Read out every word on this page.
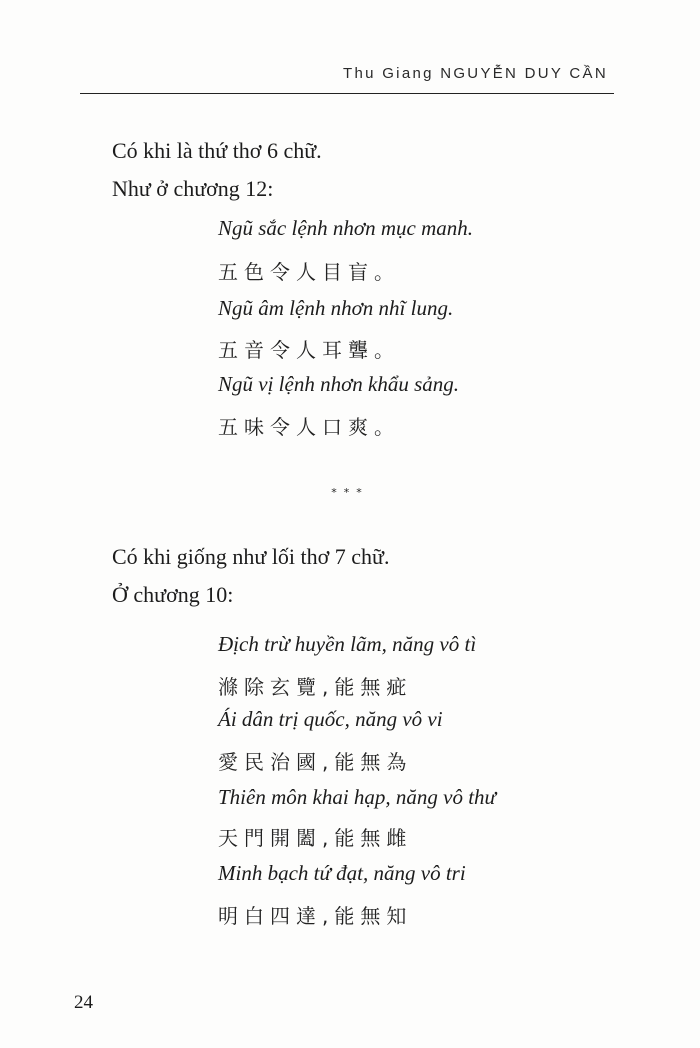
Thu Giang NGUYỄN DUY CẦN
Có khi là thứ thơ 6 chữ.
Như ở chương 12:
Ngũ sắc lệnh nhơn mục manh.
五色令人目盲。
Ngũ âm lệnh nhơn nhĩ lung.
五音令人耳聾。
Ngũ vị lệnh nhơn khẩu sảng.
五味令人口爽。
***
Có khi giống như lối thơ 7 chữ.
Ở chương 10:
Địch trừ huyền lãm, năng vô tì
滌除玄覽,能無疵
Ái dân trị quốc, năng vô vi
愛民治國,能無為
Thiên môn khai hạp, năng vô thư
天門開闔,能無雌
Minh bạch tứ đạt, năng vô tri
明白四達,能無知
24
